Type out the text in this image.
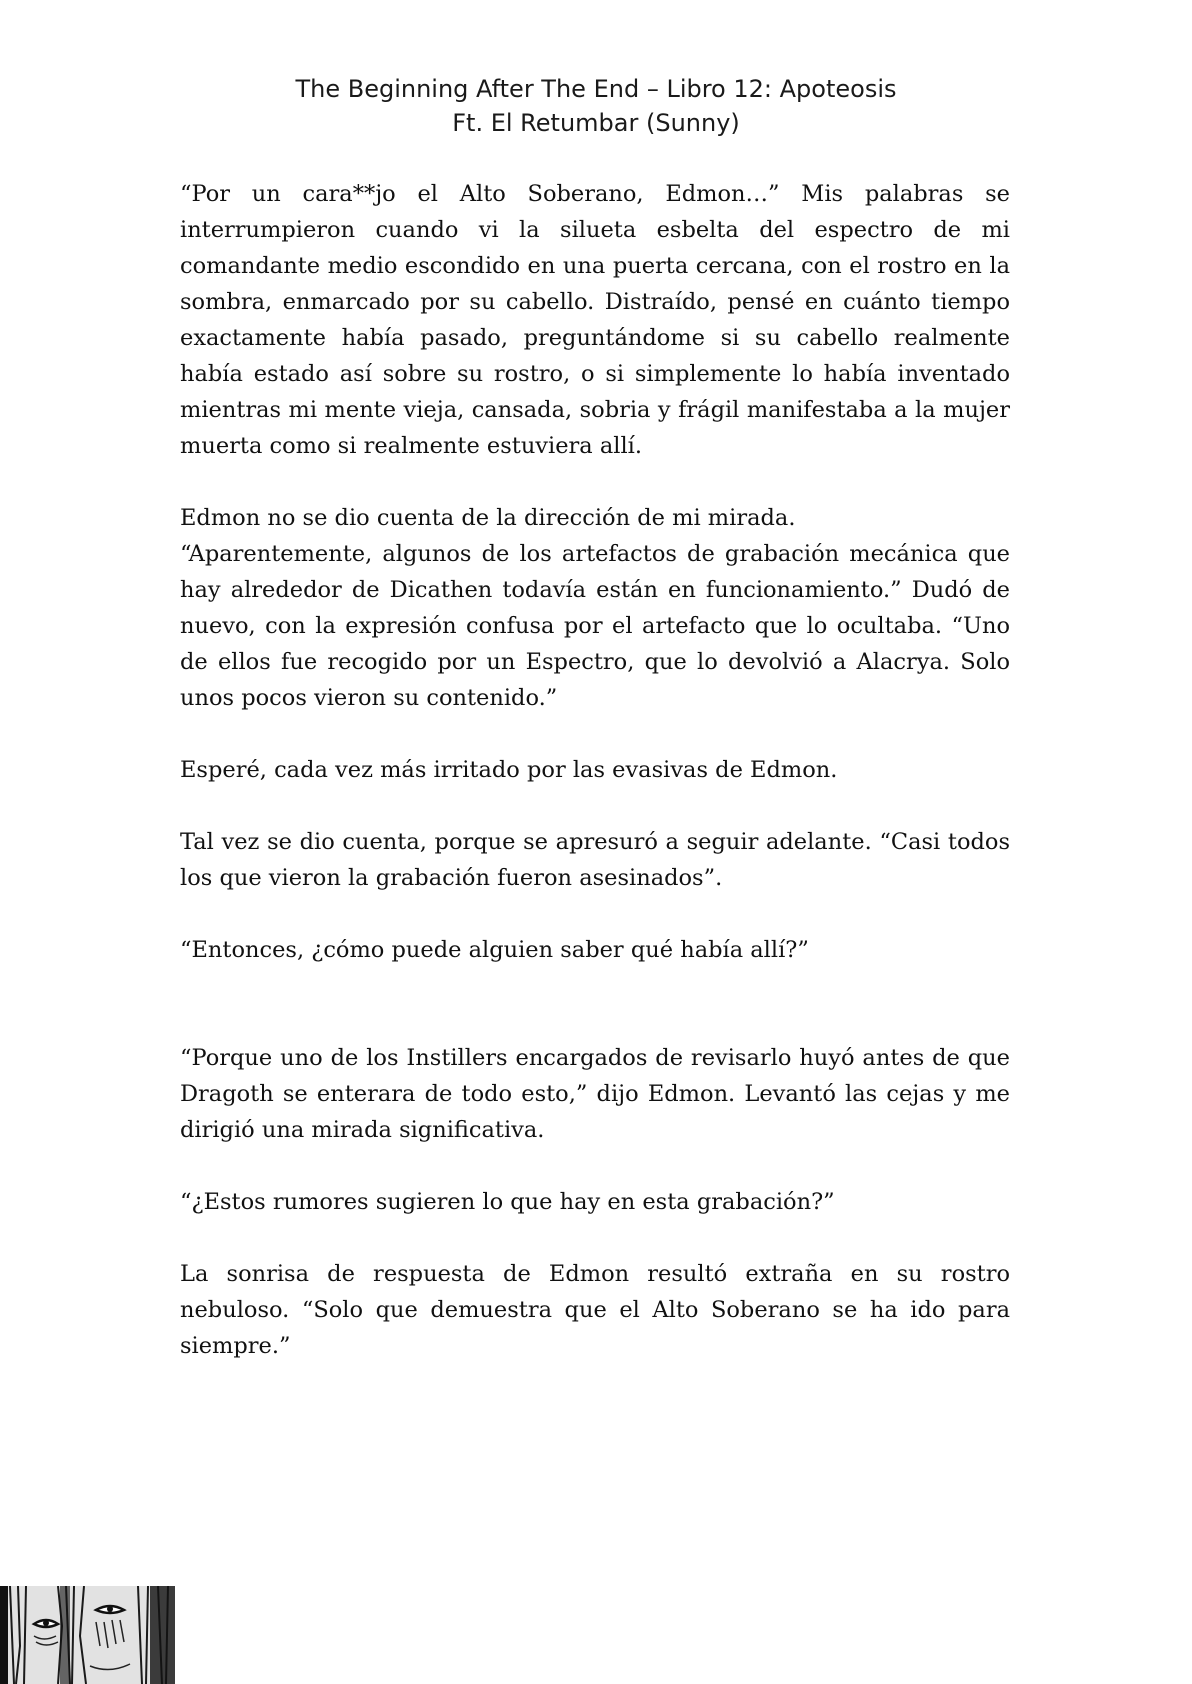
The Beginning After The End – Libro 12: Apoteosis
Ft. El Retumbar (Sunny)

“Por un cara**jo el Alto Soberano, Edmon…” Mis palabras se interrumpieron cuando vi la silueta esbelta del espectro de mi comandante medio escondido en una puerta cercana, con el rostro en la sombra, enmarcado por su cabello. Distraído, pensé en cuánto tiempo exactamente había pasado, preguntándome si su cabello realmente había estado así sobre su rostro, o si simplemente lo había inventado mientras mi mente vieja, cansada, sobria y frágil manifestaba a la mujer muerta como si realmente estuviera allí.

Edmon no se dio cuenta de la dirección de mi mirada.

“Aparentemente, algunos de los artefactos de grabación mecánica que hay alrededor de Dicathen todavía están en funcionamiento.” Dudó de nuevo, con la expresión confusa por el artefacto que lo ocultaba. “Uno de ellos fue recogido por un Espectro, que lo devolvió a Alacrya. Solo unos pocos vieron su contenido.”

Esperé, cada vez más irritado por las evasivas de Edmon.

Tal vez se dio cuenta, porque se apresuró a seguir adelante. “Casi todos los que vieron la grabación fueron asesinados”.

“Entonces, ¿cómo puede alguien saber qué había allí?”

“Porque uno de los Instillers encargados de revisarlo huyó antes de que Dragoth se enterara de todo esto,” dijo Edmon. Levantó las cejas y me dirigió una mirada significativa.

“¿Estos rumores sugieren lo que hay en esta grabación?”

La sonrisa de respuesta de Edmon resultó extraña en su rostro nebuloso. “Solo que demuestra que el Alto Soberano se ha ido para siempre.”
